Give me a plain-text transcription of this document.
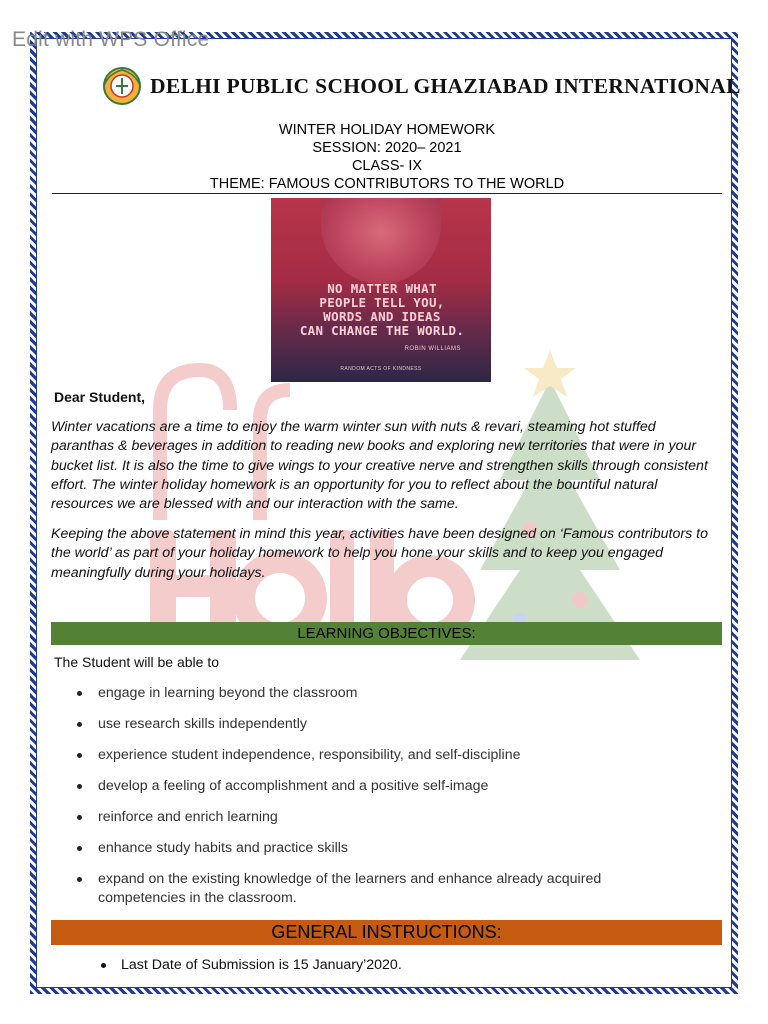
Edit with WPS Office
DELHI PUBLIC SCHOOL GHAZIABAD INTERNATIONAL
WINTER HOLIDAY HOMEWORK
SESSION: 2020– 2021
CLASS- IX
THEME: FAMOUS CONTRIBUTORS TO THE WORLD
NO MATTER WHAT
PEOPLE TELL YOU,
WORDS AND IDEAS
CAN CHANGE THE WORLD.
ROBIN WILLIAMS
RANDOM ACTS OF KINDNESS
Dear Student,
Winter vacations are a time to enjoy the warm winter sun with nuts & revari, steaming hot stuffed paranthas & beverages in addition to reading new books and exploring new territories that were in your bucket list. It is also the time to give wings to your creative nerve and strengthen skills through consistent effort. The winter holiday homework is an opportunity for you to reflect about the bountiful natural resources we are blessed with and our interaction with the same.
Keeping the above statement in mind this year, activities have been designed on ‘Famous contributors to the world’ as part of your holiday homework to help you hone your skills and to keep you engaged meaningfully during your holidays.
LEARNING OBJECTIVES:
The Student will be able to
engage in learning beyond the classroom
use research skills independently
experience student independence, responsibility, and self-discipline
develop a feeling of accomplishment and a positive self-image
reinforce and enrich learning
enhance study habits and practice skills
expand on the existing knowledge of the learners and enhance already acquired competencies in the classroom.
GENERAL INSTRUCTIONS:
Last Date of Submission is 15 January’2020.
